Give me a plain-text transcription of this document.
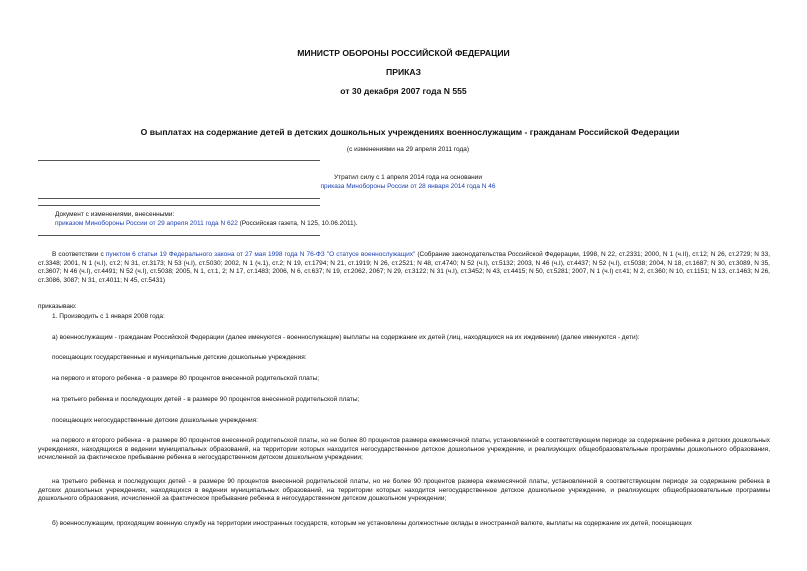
МИНИСТР ОБОРОНЫ РОССИЙСКОЙ ФЕДЕРАЦИИ
ПРИКАЗ
от 30 декабря 2007 года N 555
О выплатах на содержание детей в детских дошкольных учреждениях военнослужащим - гражданам Российской Федерации
(с изменениями на 29 апреля 2011 года)
Утратил силу с 1 апреля 2014 года на основании
приказа Минобороны России от 28 января 2014 года N 46
Документ с изменениями, внесенными:
приказом Минобороны России от 29 апреля 2011 года N 622 (Российская газета, N 125, 10.06.2011).
В соответствии с пунктом 6 статьи 19 Федерального закона от 27 мая 1998 года N 76-ФЗ "О статусе военнослужащих" (Собрание законодательства Российской Федерации, 1998, N 22, ст.2331; 2000, N 1 (ч.II), ст.12; N 26, ст.2729; N 33, ст.3348; 2001, N 1 (ч.I), ст.2; N 31, ст.3173; N 53 (ч.I), ст.5030; 2002, N 1 (ч.1), ст.2; N 19, ст.1794; N 21, ст.1919; N 26, ст.2521; N 48, ст.4740; N 52 (ч.I), ст.5132; 2003, N 46 (ч.I), ст.4437; N 52 (ч.I), ст.5038; 2004, N 18, ст.1687; N 30, ст.3089, N 35, ст.3607; N 46 (ч.I), ст.4491; N 52 (ч.I), ст.5038; 2005, N 1, ст.1, 2; N 17, ст.1483; 2006, N 6, ст.637; N 19, ст.2062, 2067; N 29, ст.3122; N 31 (ч.I), ст.3452; N 43, ст.4415; N 50, ст.5281; 2007, N 1 (ч.I) ст.41; N 2, ст.360; N 10, ст.1151; N 13, ст.1463; N 26, ст.3086, 3087; N 31, ст.4011; N 45, ст.5431)
приказываю:
1. Производить с 1 января 2008 года:
а) военнослужащим - гражданам Российской Федерации (далее именуются - военнослужащие) выплаты на содержание их детей (лиц, находящихся на их иждивении) (далее именуются - дети):
посещающих государственные и муниципальные детские дошкольные учреждения:
на первого и второго ребенка - в размере 80 процентов внесенной родительской платы;
на третьего ребенка и последующих детей - в размере 90 процентов внесенной родительской платы;
посещающих негосударственные детские дошкольные учреждения:
на первого и второго ребенка - в размере 80 процентов внесенной родительской платы, но не более 80 процентов размера ежемесячной платы, установленной в соответствующем периоде за содержание ребенка в детских дошкольных учреждениях, находящихся в ведении муниципальных образований, на территории которых находится негосударственное детское дошкольное учреждение, и реализующих общеобразовательные программы дошкольного образования, исчисленной за фактическое пребывание ребенка в негосударственном детском дошкольном учреждении;
на третьего ребенка и последующих детей - в размере 90 процентов внесенной родительской платы, но не более 90 процентов размера ежемесячной платы, установленной в соответствующем периоде за содержание ребенка в детских дошкольных учреждениях, находящихся в ведении муниципальных образований, на территории которых находится негосударственное детское дошкольное учреждение, и реализующих общеобразовательные программы дошкольного образования, исчисленной за фактическое пребывание ребенка в негосударственном детском дошкольном учреждении;
б) военнослужащим, проходящим военную службу на территории иностранных государств, которым не установлены должностные оклады в иностранной валюте, выплаты на содержание их детей, посещающих
